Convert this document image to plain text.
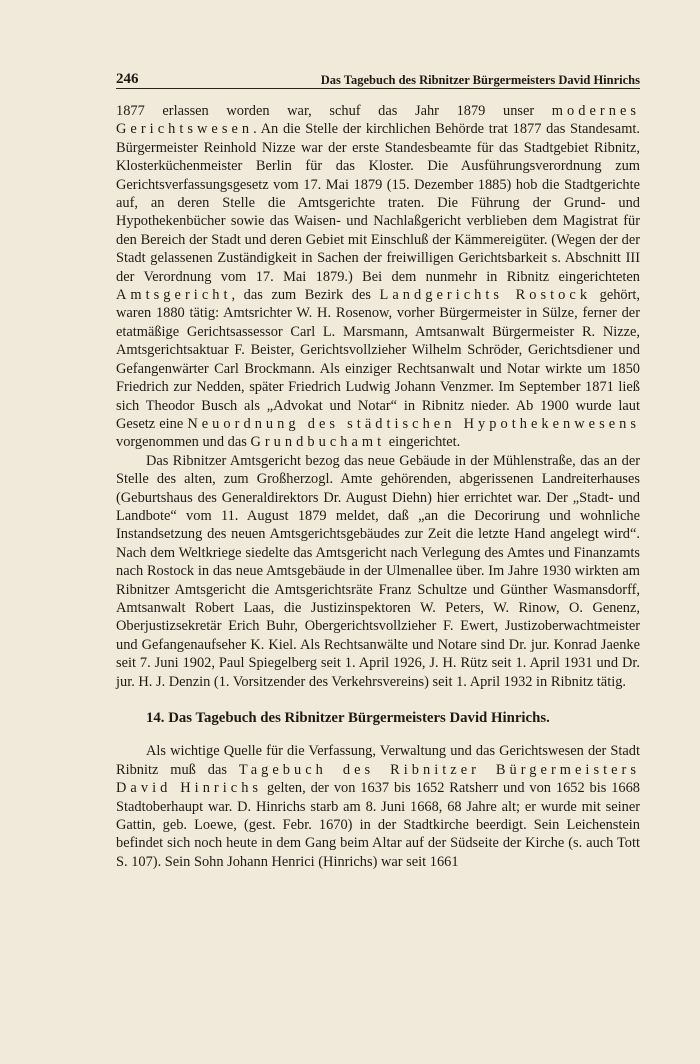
246	Das Tagebuch des Ribnitzer Bürgermeisters David Hinrichs

1877 erlassen worden war, schuf das Jahr 1879 unser modernes Gerichtswesen. An die Stelle der kirchlichen Behörde trat 1877 das Standesamt. Bürgermeister Reinhold Nizze war der erste Standesbeamte für das Stadtgebiet Ribnitz, Klosterküchenmeister Berlin für das Kloster. Die Ausführungsverordnung zum Gerichtsverfassungsgesetz vom 17. Mai 1879 (15. Dezember 1885) hob die Stadtgerichte auf, an deren Stelle die Amtsgerichte traten. Die Führung der Grund- und Hypothekenbücher sowie das Waisen- und Nachlaßgericht verblieben dem Magistrat für den Bereich der Stadt und deren Gebiet mit Einschluß der Kämmereigüter. (Wegen der der Stadt gelassenen Zuständigkeit in Sachen der freiwilligen Gerichtsbarkeit s. Abschnitt III der Verordnung vom 17. Mai 1879.) Bei dem nunmehr in Ribnitz eingerichteten Amtsgericht, das zum Bezirk des Landgerichts Rostock gehört, waren 1880 tätig: Amtsrichter W. H. Rosenow, vorher Bürgermeister in Sülze, ferner der etatmäßige Gerichtsassessor Carl L. Marsmann, Amtsanwalt Bürgermeister R. Nizze, Amtsgerichtsaktuar F. Beister, Gerichtsvollzieher Wilhelm Schröder, Gerichtsdiener und Gefangenwärter Carl Brockmann. Als einziger Rechtsanwalt und Notar wirkte um 1850 Friedrich zur Nedden, später Friedrich Ludwig Johann Venzmer. Im September 1871 ließ sich Theodor Busch als „Advokat und Notar“ in Ribnitz nieder. Ab 1900 wurde laut Gesetz eine Neuordnung des städtischen Hypothekenwesens vorgenommen und das Grundbuchamt eingerichtet.

Das Ribnitzer Amtsgericht bezog das neue Gebäude in der Mühlenstraße, das an der Stelle des alten, zum Großherzogl. Amte gehörenden, abgerissenen Landreiterhauses (Geburtshaus des Generaldirektors Dr. August Diehn) hier errichtet war. Der „Stadt- und Landbote“ vom 11. August 1879 meldet, daß „an die Decorirung und wohnliche Instandsetzung des neuen Amtsgerichtsgebäudes zur Zeit die letzte Hand angelegt wird“. Nach dem Weltkriege siedelte das Amtsgericht nach Verlegung des Amtes und Finanzamts nach Rostock in das neue Amtsgebäude in der Ulmenallee über. Im Jahre 1930 wirkten am Ribnitzer Amtsgericht die Amtsgerichtsräte Franz Schultze und Günther Wasmansdorff, Amtsanwalt Robert Laas, die Justizinspektoren W. Peters, W. Rinow, O. Genenz, Oberjustizsekretär Erich Buhr, Obergerichtsvollzieher F. Ewert, Justizoberwachtmeister und Gefangenaufseher K. Kiel. Als Rechtsanwälte und Notare sind Dr. jur. Konrad Jaenke seit 7. Juni 1902, Paul Spiegelberg seit 1. April 1926, J. H. Rütz seit 1. April 1931 und Dr. jur. H. J. Denzin (1. Vorsitzender des Verkehrsvereins) seit 1. April 1932 in Ribnitz tätig.

14. Das Tagebuch des Ribnitzer Bürgermeisters David Hinrichs.

Als wichtige Quelle für die Verfassung, Verwaltung und das Gerichtswesen der Stadt Ribnitz muß das Tagebuch des Ribnitzer Bürgermeisters David Hinrichs gelten, der von 1637 bis 1652 Ratsherr und von 1652 bis 1668 Stadtoberhaupt war. D. Hinrichs starb am 8. Juni 1668, 68 Jahre alt; er wurde mit seiner Gattin, geb. Loewe, (gest. Febr. 1670) in der Stadtkirche beerdigt. Sein Leichenstein befindet sich noch heute in dem Gang beim Altar auf der Südseite der Kirche (s. auch Tott S. 107). Sein Sohn Johann Henrici (Hinrichs) war seit 1661
